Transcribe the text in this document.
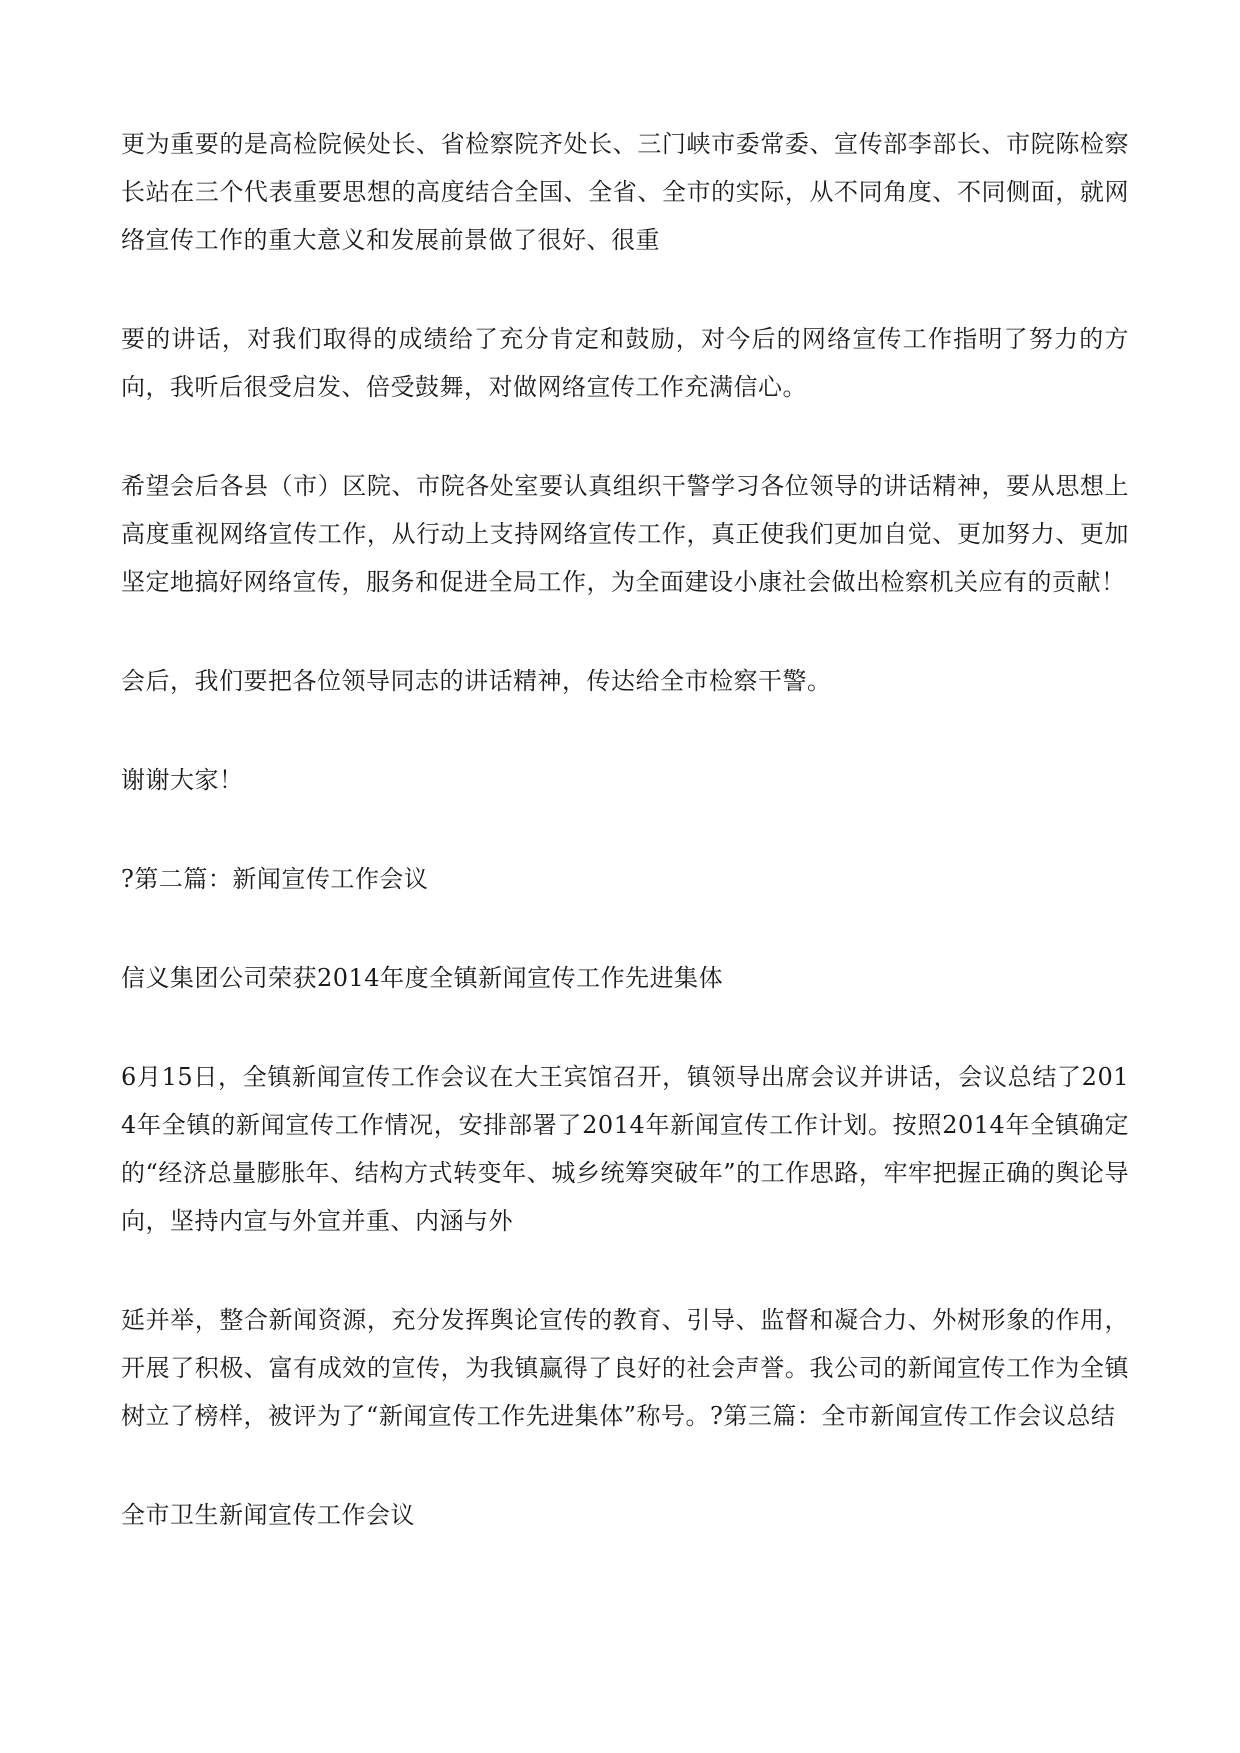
更为重要的是高检院候处长、省检察院齐处长、三门峡市委常委、宣传部李部长、市院陈检察长站在三个代表重要思想的高度结合全国、全省、全市的实际，从不同角度、不同侧面，就网络宣传工作的重大意义和发展前景做了很好、很重

要的讲话，对我们取得的成绩给了充分肯定和鼓励，对今后的网络宣传工作指明了努力的方向，我听后很受启发、倍受鼓舞，对做网络宣传工作充满信心。

希望会后各县（市）区院、市院各处室要认真组织干警学习各位领导的讲话精神，要从思想上高度重视网络宣传工作，从行动上支持网络宣传工作，真正使我们更加自觉、更加努力、更加坚定地搞好网络宣传，服务和促进全局工作，为全面建设小康社会做出检察机关应有的贡献！

会后，我们要把各位领导同志的讲话精神，传达给全市检察干警。

谢谢大家！

?第二篇：新闻宣传工作会议

信义集团公司荣获2014年度全镇新闻宣传工作先进集体

6月15日，全镇新闻宣传工作会议在大王宾馆召开，镇领导出席会议并讲话，会议总结了2014年全镇的新闻宣传工作情况，安排部署了2014年新闻宣传工作计划。按照2014年全镇确定的“经济总量膨胀年、结构方式转变年、城乡统筹突破年”的工作思路，牢牢把握正确的舆论导向，坚持内宣与外宣并重、内涵与外

延并举，整合新闻资源，充分发挥舆论宣传的教育、引导、监督和凝合力、外树形象的作用，开展了积极、富有成效的宣传，为我镇赢得了良好的社会声誉。我公司的新闻宣传工作为全镇树立了榜样，被评为了“新闻宣传工作先进集体”称号。?第三篇：全市新闻宣传工作会议总结

全市卫生新闻宣传工作会议
